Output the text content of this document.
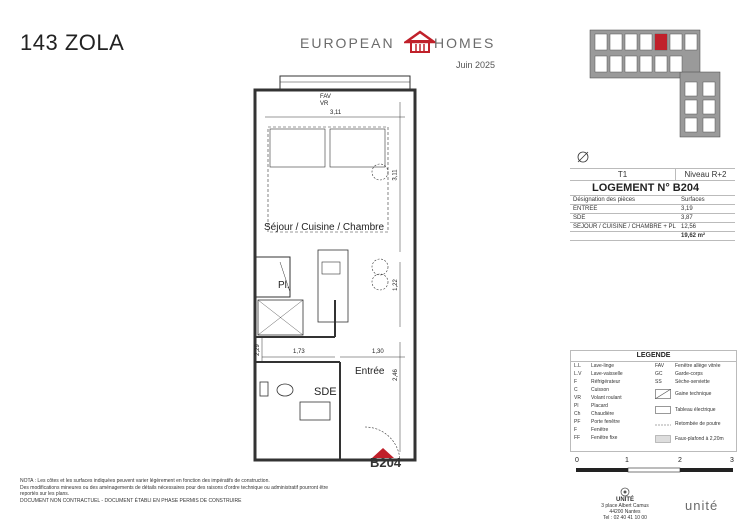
143 ZOLA	EUROPEAN	HOMES
Juin 2025
FAV
VR
3,11
3,11
1,22
1,73	1,30
2,29
2,46
Séjour / Cuisine / Chambre
Pl.
SDE
Entrée
B204
T1	Niveau R+2
LOGEMENT N° B204
Désignation des pièces	Surfaces
ENTREE	3,19
SDE	3,87
SEJOUR / CUISINE / CHAMBRE + PL 12,56
19,62 m²
LEGENDE
L.L Lave-linge
L.V Lave-vaisselle
F	Réfrigérateur
C	Cuisson
VR Volant roulant
Pl	Placard
Ch Chaudière
PF Porte fenêtre
F	Fenêtre
FF Fenêtre fixe
FAV Fenêtre allège vitrée
GC	Garde-corps
SS	Sèche-serviette
Gaine technique
Tableau électrique
Retombée de poutre
Faux-plafond à 2,20m
0	1	2	3
NOTA : Les côtes et les surfaces indiquées peuvent varier légèrement en fonction des impératifs de construction.
Des modifications mineures ou des aménagements de détails nécessaires pour des raisons d'ordre technique ou administratif pourront être
reportés sur les plans.
DOCUMENT NON CONTRACTUEL - DOCUMENT ÉTABLI EN PHASE PERMIS DE CONSTRUIRE	UNITÉ
3 place Albert Camus
44200 Nantes
Tel : 02 40 41 10 00
unité
